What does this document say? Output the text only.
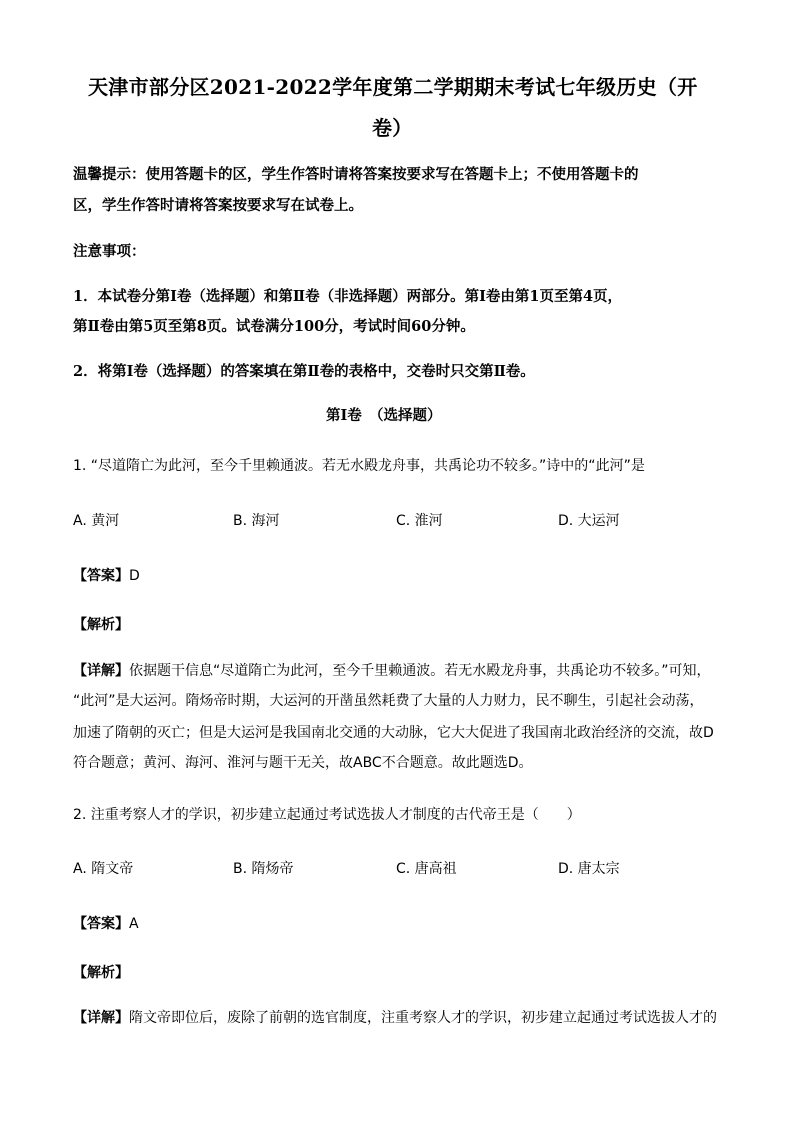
天津市部分区2021-2022学年度第二学期期末考试七年级历史（开
卷）
温馨提示：使用答题卡的区，学生作答时请将答案按要求写在答题卡上；不使用答题卡的
区，学生作答时请将答案按要求写在试卷上。
注意事项：
1．本试卷分第Ⅰ卷（选择题）和第Ⅱ卷（非选择题）两部分。第Ⅰ卷由第1页至第4页，
第Ⅱ卷由第5页至第8页。试卷满分100分，考试时间60分钟。
2．将第Ⅰ卷（选择题）的答案填在第Ⅱ卷的表格中，交卷时只交第Ⅱ卷。
第Ⅰ卷　（选择题）
1. “尽道隋亡为此河，至今千里赖通波。若无水殿龙舟事，共禹论功不较多。”诗中的“此河”是
A. 黄河	B. 海河	C. 淮河	D. 大运河
【答案】D
【解析】
【详解】依据题干信息“尽道隋亡为此河，至今千里赖通波。若无水殿龙舟事，共禹论功不较多。”可知，
“此河”是大运河。隋炀帝时期，大运河的开凿虽然耗费了大量的人力财力，民不聊生，引起社会动荡，
加速了隋朝的灭亡；但是大运河是我国南北交通的大动脉，它大大促进了我国南北政治经济的交流，故D
符合题意；黄河、海河、淮河与题干无关，故ABC不合题意。故此题选D。
2. 注重考察人才的学识，初步建立起通过考试选拔人才制度的古代帝王是（　　）
A. 隋文帝	B. 隋炀帝	C. 唐高祖	D. 唐太宗
【答案】A
【解析】
【详解】隋文帝即位后，废除了前朝的选官制度，注重考察人才的学识，初步建立起通过考试选拔人才的
